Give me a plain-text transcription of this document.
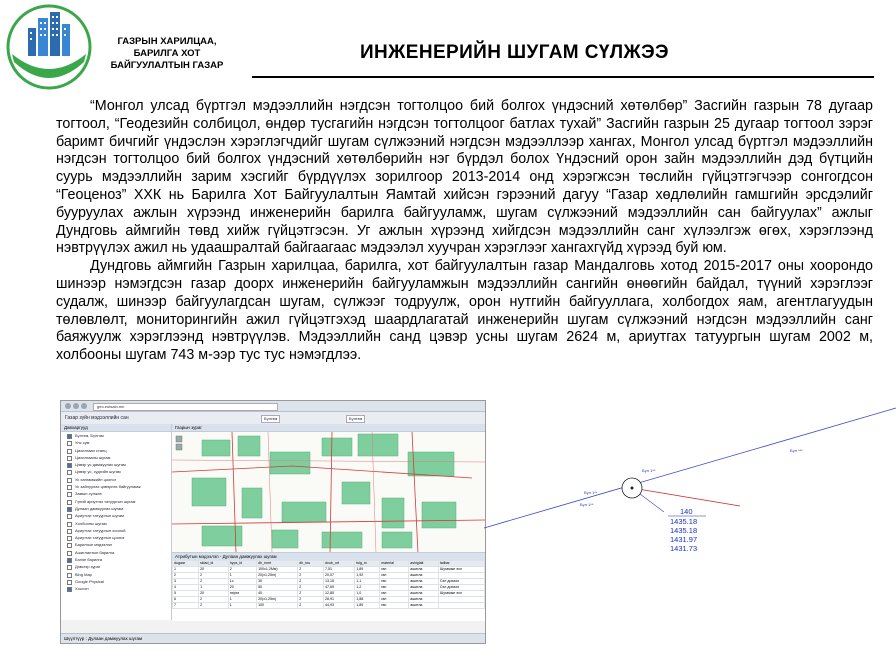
ГАЗРЫН ХАРИЛЦАА,
БАРИЛГА ХОТ
БАЙГУУЛАЛТЫН ГАЗАР
ИНЖЕНЕРИЙН ШУГАМ СҮЛЖЭЭ

“Монгол улсад бүртгэл мэдээллийн нэгдсэн тогтолцоо бий болгох үндэсний хөтөлбөр” Засгийн газрын 78 дугаар тогтоол, “Геодезийн солбицол, өндөр тусгагийн нэгдсэн тогтолцоог батлах тухай” Засгийн газрын 25 дугаар тогтоол зэрэг баримт бичгийг үндэслэн хэрэглэгчдийг шугам сүлжээний нэгдсэн мэдээллээр хангах, Монгол улсад бүртгэл мэдээллийн нэгдсэн тогтолцоо бий болгох үндэсний хөтөлбөрийн нэг бүрдэл болох Үндэсний орон зайн мэдээллийн дэд бүтцийн суурь мэдээллийн зарим хэсгийг бүрдүүлэх зорилгоор 2013-2014 онд хэрэгжсэн төслийн гүйцэтгэгчээр сонгогдсон “Геоценоз” ХХК нь Барилга Хот Байгуулалтын Яамтай хийсэн гэрээний дагуу “Газар хөдлөлийн гамшгийн эрсдэлийг бууруулах ажлын хүрээнд инженерийн барилга байгууламж, шугам сүлжээний мэдээллийн сан байгуулах” ажлыг Дундговь аймгийн төвд хийж гүйцэтгэсэн. Уг ажлын хүрээнд хийгдсэн мэдээллийн санг хүлээлгэж өгөх, хэрэглээнд нэвтрүүлэх ажил нь удаашралтай байгаагаас мэдээлэл хуучран хэрэглээг хангахгүйд хүрээд буй юм.

Дундговь аймгийн Газрын харилцаа, барилга, хот байгуулалтын газар Мандалговь хотод 2015-2017 оны хоорондо шинээр нэмэгдсэн газар доорх инженерийн байгууламжын мэдээллийн сангийн өнөөгийн байдал, түүний хэрэглээг судалж, шинээр байгуулагдсан шугам, сүлжээг тодруулж, орон нутгийн байгууллага, холбогдох яам, агентлагуудын төлөвлөлт, мониторингийн ажил гүйцэтгэхэд шаардлагатай инженерийн шугам сүлжээний нэгдсэн мэдээллийн санг баяжуулж хэрэглээнд нэвтрүүлэв. Мэдээллийн санд цэвэр усны шугам 2624 м, ариутгах татуургын шугам 2002 м, холбооны шугам 743 м-ээр тус тус нэмэгдлээ.

geo.eutsain.mn
Газар зүйн мэдээллийн сан	Бүлгэм	Бүлгэм
Давхаргууд
Бүлгэм, Бүлгэм
Улс сум
Цахилгаан станц
Цахилгааны шугам
Цэвэр ус дамжуулах шугам
Цэвэр ус, худгийн шугам
Ус хангамжийн цооног
Ус зайлуулах цэвэрлэх байгууламж
Замын сүлжээ
Гүний ариутгах татуургын шугам
Дулаан дамжуулах шугам
Ариутгах татуургын шугам
Холбооны шугам
Ариутгах татуургын хоолой
Ариутгах татуургын цооног
Барилгын мэдээлэл
Ашиглалтын барилга
Бэлэн барилга
Дэвсгэр зураг
Bing Map
Google Physical
Хоосон
Газрын зураг
Атрибутын мэдээлэл - Дулаан дамжуулах шугам
dugaar	sklad_id	hyps_id	dh_mmt	dh_tou	dvub_urt	tslg_m	material	ashiglalt	tailbar
1	20	2	100x1,2Мм)	2	7,51	1,89	ган	ашигла	Шугамын эхл
2	2	1	20(x1,25m)	2	20,07	1,92	ган	ашигла	
3	2	1с	30	2	13,15	1,1	ган	ашигла	Сэл дохиол
4	1	20	50	2	47,69	1,2	ган	ашигла	Сэл дохиол
5	20	нэрхэ	40	2	12,85	1,0	ган	ашигла	Шугамын эхл
6	2	1	20(x1,25m)	2	28,91	1,88	ган	ашигла	
7	2	1	100	2	44,93	1,89	ган	ашигла	
Шүүлтүүр : Дулаан дамжуулах шугам
Бүл 1**
Бүл 1**
Бүл 1**
Бүл ***
140
1435.18
1435.18
1431.97
1431.73
